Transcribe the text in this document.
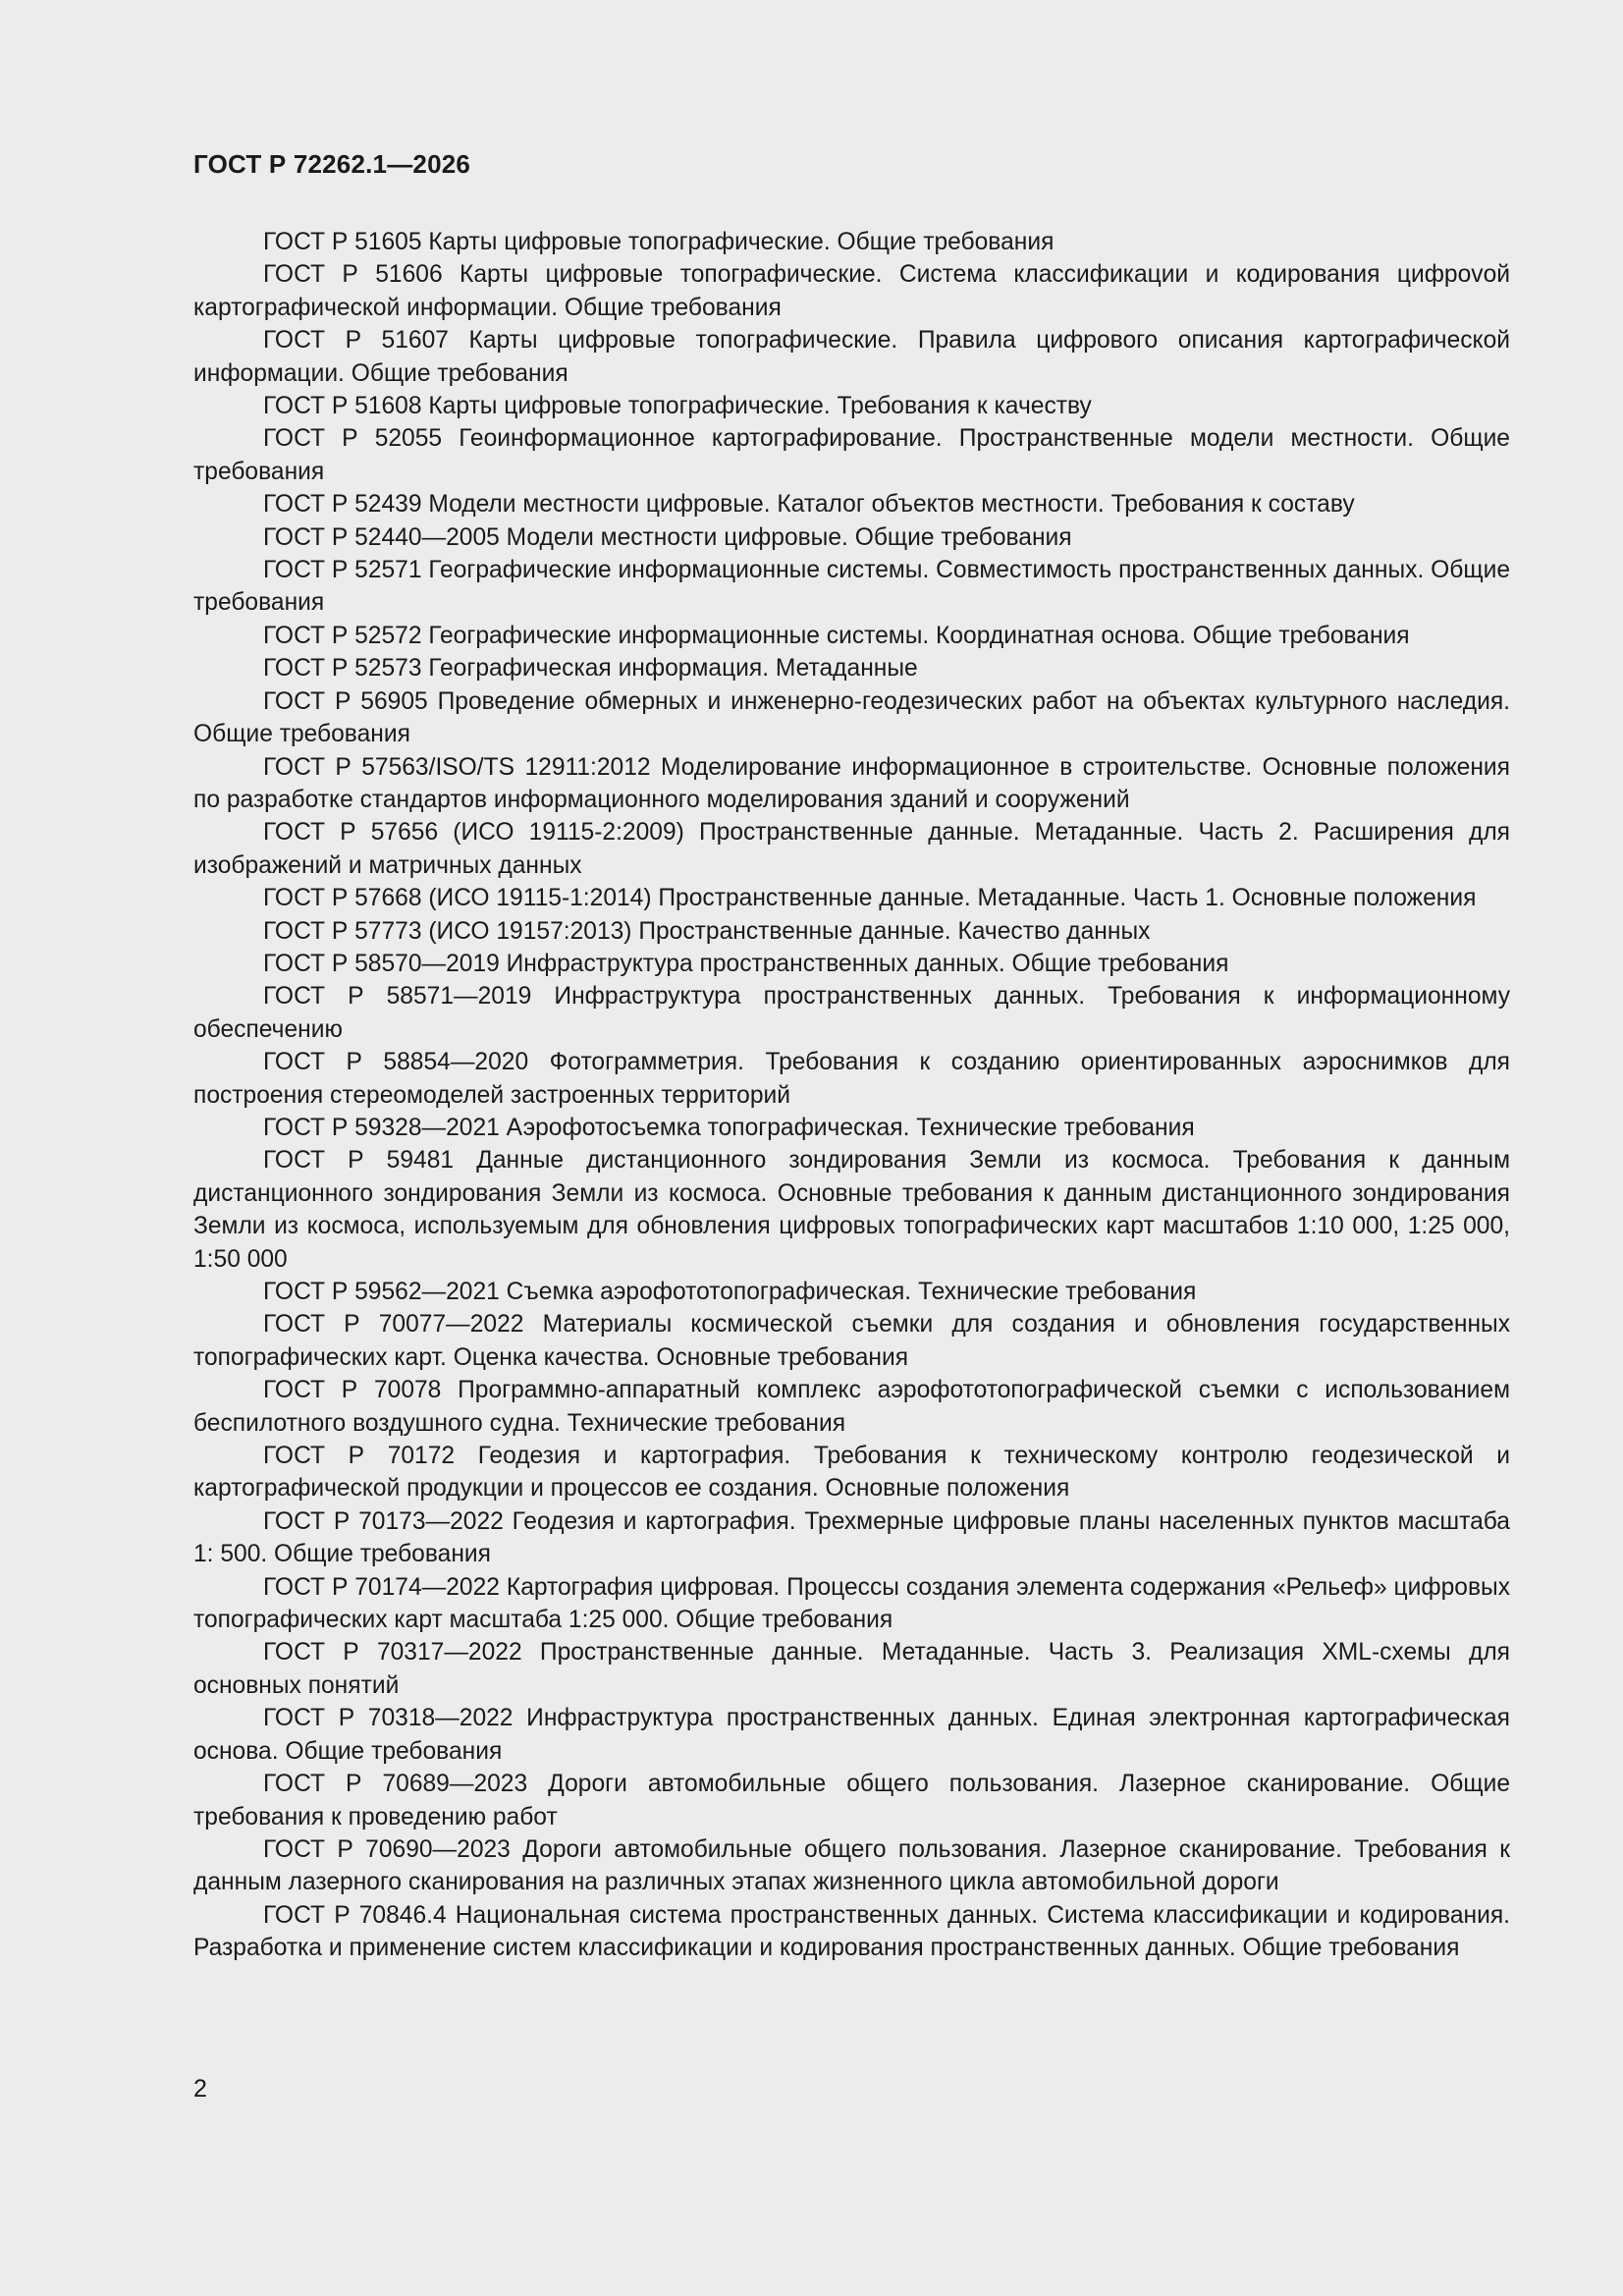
ГОСТ Р 72262.1—2026

ГОСТ Р 51605 Карты цифровые топографические. Общие требования

ГОСТ Р 51606 Карты цифровые топографические. Система классификации и кодирования цифроvой картографической информации. Общие требования

ГОСТ Р 51607 Карты цифровые топографические. Правила цифрового описания картографической информации. Общие требования

ГОСТ Р 51608 Карты цифровые топографические. Требования к качеству

ГОСТ Р 52055 Геоинформационное картографирование. Пространственные модели местности. Общие требования

ГОСТ Р 52439 Модели местности цифровые. Каталог объектов местности. Требования к составу

ГОСТ Р 52440—2005 Модели местности цифровые. Общие требования

ГОСТ Р 52571 Географические информационные системы. Совместимость пространственных данных. Общие требования

ГОСТ Р 52572 Географические информационные системы. Координатная основа. Общие требования

ГОСТ Р 52573 Географическая информация. Метаданные

ГОСТ Р 56905 Проведение обмерных и инженерно-геодезических работ на объектах культурного наследия. Общие требования

ГОСТ Р 57563/ISO/TS 12911:2012 Моделирование информационное в строительстве. Основные положения по разработке стандартов информационного моделирования зданий и сооружений

ГОСТ Р 57656 (ИСО 19115-2:2009) Пространственные данные. Метаданные. Часть 2. Расширения для изображений и матричных данных

ГОСТ Р 57668 (ИСО 19115-1:2014) Пространственные данные. Метаданные. Часть 1. Основные положения

ГОСТ Р 57773 (ИСО 19157:2013) Пространственные данные. Качество данных

ГОСТ Р 58570—2019 Инфраструктура пространственных данных. Общие требования

ГОСТ Р 58571—2019 Инфраструктура пространственных данных. Требования к информационному обеспечению

ГОСТ Р 58854—2020 Фотограмметрия. Требования к созданию ориентированных аэроснимков для построения стереомоделей застроенных территорий

ГОСТ Р 59328—2021 Аэрофотосъемка топографическая. Технические требования

ГОСТ Р 59481 Данные дистанционного зондирования Земли из космоса. Требования к данным дистанционного зондирования Земли из космоса. Основные требования к данным дистанционного зондирования Земли из космоса, используемым для обновления цифровых топографических карт масштабов 1:10 000, 1:25 000, 1:50 000

ГОСТ Р 59562—2021 Съемка аэрофототопографическая. Технические требования

ГОСТ Р 70077—2022 Материалы космической съемки для создания и обновления государственных топографических карт. Оценка качества. Основные требования

ГОСТ Р 70078 Программно-аппаратный комплекс аэрофототопографической съемки с использованием беспилотного воздушного судна. Технические требования

ГОСТ Р 70172 Геодезия и картография. Требования к техническому контролю геодезической и картографической продукции и процессов ее создания. Основные положения

ГОСТ Р 70173—2022 Геодезия и картография. Трехмерные цифровые планы населенных пунктов масштаба 1: 500. Общие требования

ГОСТ Р 70174—2022 Картография цифровая. Процессы создания элемента содержания «Рельеф» цифровых топографических карт масштаба 1:25 000. Общие требования

ГОСТ Р 70317—2022 Пространственные данные. Метаданные. Часть 3. Реализация XML-схемы для основных понятий

ГОСТ Р 70318—2022 Инфраструктура пространственных данных. Единая электронная картографическая основа. Общие требования

ГОСТ Р 70689—2023 Дороги автомобильные общего пользования. Лазерное сканирование. Общие требования к проведению работ

ГОСТ Р 70690—2023 Дороги автомобильные общего пользования. Лазерное сканирование. Требования к данным лазерного сканирования на различных этапах жизненного цикла автомобильной дороги

ГОСТ Р 70846.4 Национальная система пространственных данных. Система классификации и кодирования. Разработка и применение систем классификации и кодирования пространственных данных. Общие требования

2
